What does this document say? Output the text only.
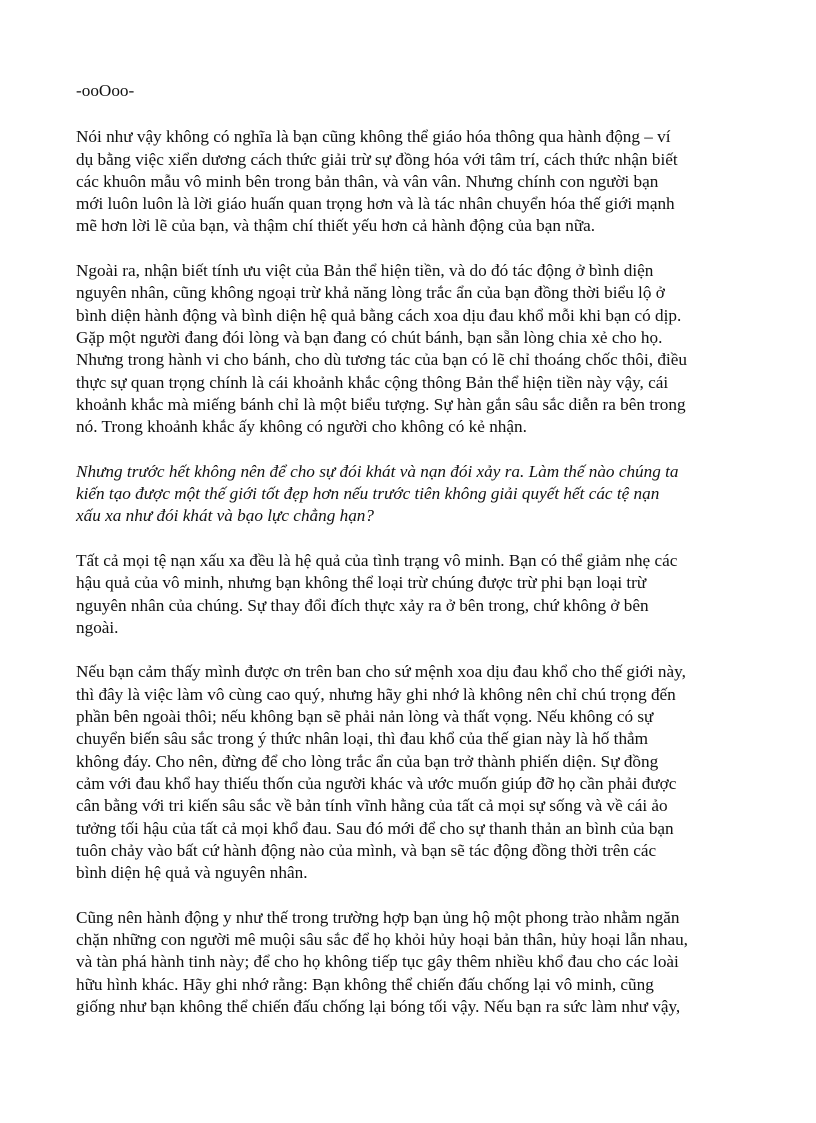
-ooOoo-

Nói như vậy không có nghĩa là bạn cũng không thể giáo hóa thông qua hành động – ví
dụ bằng việc xiển dương cách thức giải trừ sự đồng hóa với tâm trí, cách thức nhận biết
các khuôn mẫu vô minh bên trong bản thân, và vân vân. Nhưng chính con người bạn
mới luôn luôn là lời giáo huấn quan trọng hơn và là tác nhân chuyển hóa thế giới mạnh
mẽ hơn lời lẽ của bạn, và thậm chí thiết yếu hơn cả hành động của bạn nữa.

Ngoài ra, nhận biết tính ưu việt của Bản thể hiện tiền, và do đó tác động ở bình diện
nguyên nhân, cũng không ngoại trừ khả năng lòng trắc ẩn của bạn đồng thời biểu lộ ở
bình diện hành động và bình diện hệ quả bằng cách xoa dịu đau khổ mỗi khi bạn có dịp.
Gặp một người đang đói lòng và bạn đang có chút bánh, bạn sẵn lòng chia xẻ cho họ.
Nhưng trong hành vi cho bánh, cho dù tương tác của bạn có lẽ chỉ thoáng chốc thôi, điều
thực sự quan trọng chính là cái khoảnh khắc cộng thông Bản thể hiện tiền này vậy, cái
khoảnh khắc mà miếng bánh chỉ là một biểu tượng. Sự hàn gắn sâu sắc diễn ra bên trong
nó. Trong khoảnh khắc ấy không có người cho không có kẻ nhận.

Nhưng trước hết không nên để cho sự đói khát và nạn đói xảy ra. Làm thế nào chúng ta
kiến tạo được một thế giới tốt đẹp hơn nếu trước tiên không giải quyết hết các tệ nạn
xấu xa như đói khát và bạo lực chẳng hạn?

Tất cả mọi tệ nạn xấu xa đều là hệ quả của tình trạng vô minh. Bạn có thể giảm nhẹ các
hậu quả của vô minh, nhưng bạn không thể loại trừ chúng được trừ phi bạn loại trừ
nguyên nhân của chúng. Sự thay đổi đích thực xảy ra ở bên trong, chứ không ở bên
ngoài.

Nếu bạn cảm thấy mình được ơn trên ban cho sứ mệnh xoa dịu đau khổ cho thế giới này,
thì đây là việc làm vô cùng cao quý, nhưng hãy ghi nhớ là không nên chỉ chú trọng đến
phần bên ngoài thôi; nếu không bạn sẽ phải nản lòng và thất vọng. Nếu không có sự
chuyển biến sâu sắc trong ý thức nhân loại, thì đau khổ của thế gian này là hố thẳm
không đáy. Cho nên, đừng để cho lòng trắc ẩn của bạn trở thành phiến diện. Sự đồng
cảm với đau khổ hay thiếu thốn của người khác và ước muốn giúp đỡ họ cần phải được
cân bằng với tri kiến sâu sắc về bản tính vĩnh hằng của tất cả mọi sự sống và về cái ảo
tưởng tối hậu của tất cả mọi khổ đau. Sau đó mới để cho sự thanh thản an bình của bạn
tuôn chảy vào bất cứ hành động nào của mình, và bạn sẽ tác động đồng thời trên các
bình diện hệ quả và nguyên nhân.

Cũng nên hành động y như thế trong trường hợp bạn ủng hộ một phong trào nhằm ngăn
chặn những con người mê muội sâu sắc để họ khỏi hủy hoại bản thân, hủy hoại lẫn nhau,
và tàn phá hành tinh này; để cho họ không tiếp tục gây thêm nhiều khổ đau cho các loài
hữu hình khác. Hãy ghi nhớ rằng: Bạn không thể chiến đấu chống lại vô minh, cũng
giống như bạn không thể chiến đấu chống lại bóng tối vậy. Nếu bạn ra sức làm như vậy,
